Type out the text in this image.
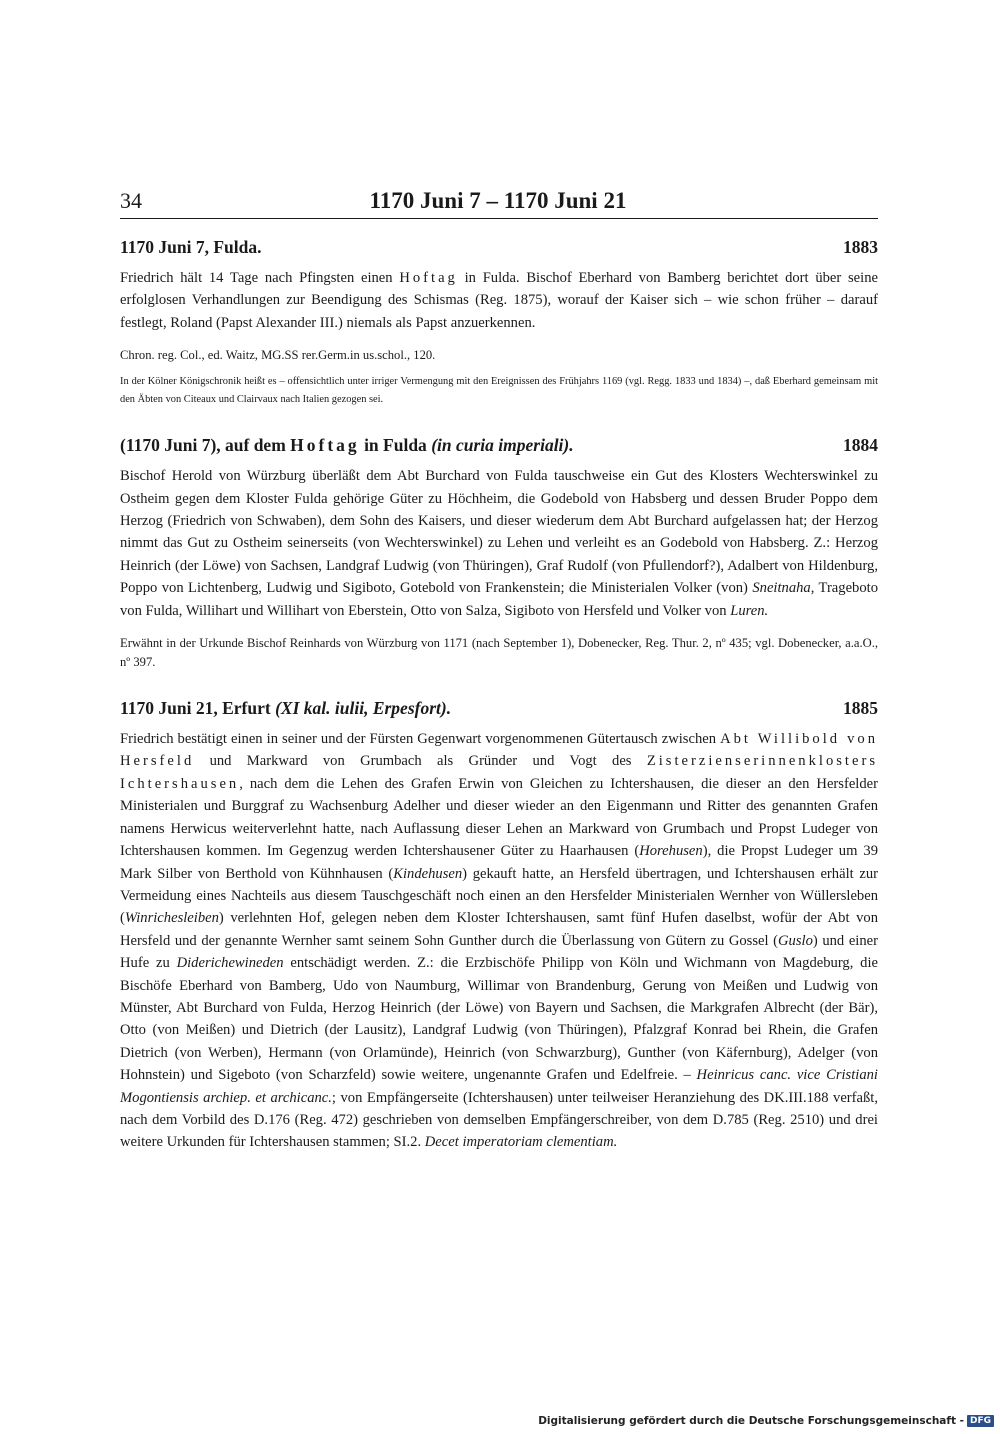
34	1170 Juni 7 – 1170 Juni 21
1170 Juni 7, Fulda.	1883

Friedrich hält 14 Tage nach Pfingsten einen Hoftag in Fulda. Bischof Eberhard von Bamberg berichtet dort über seine erfolglosen Verhandlungen zur Beendigung des Schismas (Reg. 1875), worauf der Kaiser sich – wie schon früher – darauf festlegt, Roland (Papst Alexander III.) niemals als Papst anzuerkennen.

Chron. reg. Col., ed. Waitz, MG.SS rer.Germ.in us.schol., 120.

In der Kölner Königschronik heißt es – offensichtlich unter irriger Vermengung mit den Ereignissen des Frühjahrs 1169 (vgl. Regg. 1833 und 1834) –, daß Eberhard gemeinsam mit den Äbten von Citeaux und Clairvaux nach Italien gezogen sei.

(1170 Juni 7), auf dem Hoftag in Fulda (in curia imperiali).	1884

Bischof Herold von Würzburg überläßt dem Abt Burchard von Fulda tauschweise ein Gut des Klosters Wechterswinkel zu Ostheim gegen dem Kloster Fulda gehörige Güter zu Höchheim, die Godebold von Habsberg und dessen Bruder Poppo dem Herzog (Friedrich von Schwaben), dem Sohn des Kaisers, und dieser wiederum dem Abt Burchard aufgelassen hat; der Herzog nimmt das Gut zu Ostheim seinerseits (von Wechterswinkel) zu Lehen und verleiht es an Godebold von Habsberg. Z.: Herzog Heinrich (der Löwe) von Sachsen, Landgraf Ludwig (von Thüringen), Graf Rudolf (von Pfullendorf?), Adalbert von Hildenburg, Poppo von Lichtenberg, Ludwig und Sigiboto, Gotebold von Frankenstein; die Ministerialen Volker (von) Sneitnaha, Trageboto von Fulda, Willihart und Willihart von Eberstein, Otto von Salza, Sigiboto von Hersfeld und Volker von Luren.

Erwähnt in der Urkunde Bischof Reinhards von Würzburg von 1171 (nach September 1), Dobenecker, Reg. Thur. 2, nº 435; vgl. Dobenecker, a.a.O., nº 397.

1170 Juni 21, Erfurt (XI kal. iulii, Erpesfort).	1885

Friedrich bestätigt einen in seiner und der Fürsten Gegenwart vorgenommenen Gütertausch zwischen Abt Willibold von Hersfeld und Markward von Grumbach als Gründer und Vogt des Zisterzienserinnenklosters Ichtershausen, nach dem die Lehen des Grafen Erwin von Gleichen zu Ichtershausen, die dieser an den Hersfelder Ministerialen und Burggraf zu Wachsenburg Adelher und dieser wieder an den Eigenmann und Ritter des genannten Grafen namens Herwicus weiterverlehnt hatte, nach Auflassung dieser Lehen an Markward von Grumbach und Propst Ludeger von Ichtershausen kommen. Im Gegenzug werden Ichtershausener Güter zu Haarhausen (Horehusen), die Propst Ludeger um 39 Mark Silber von Berthold von Kühnhausen (Kindehusen) gekauft hatte, an Hersfeld übertragen, und Ichtershausen erhält zur Vermeidung eines Nachteils aus diesem Tauschgeschäft noch einen an den Hersfelder Ministerialen Wernher von Wüllersleben (Winrichesleiben) verlehnten Hof, gelegen neben dem Kloster Ichtershausen, samt fünf Hufen daselbst, wofür der Abt von Hersfeld und der genannte Wernher samt seinem Sohn Gunther durch die Überlassung von Gütern zu Gossel (Guslo) und einer Hufe zu Diderichewineden entschädigt werden. Z.: die Erzbischöfe Philipp von Köln und Wichmann von Magdeburg, die Bischöfe Eberhard von Bamberg, Udo von Naumburg, Willimar von Brandenburg, Gerung von Meißen und Ludwig von Münster, Abt Burchard von Fulda, Herzog Heinrich (der Löwe) von Bayern und Sachsen, die Markgrafen Albrecht (der Bär), Otto (von Meißen) und Dietrich (der Lausitz), Landgraf Ludwig (von Thüringen), Pfalzgraf Konrad bei Rhein, die Grafen Dietrich (von Werben), Hermann (von Orlamünde), Heinrich (von Schwarzburg), Gunther (von Käfernburg), Adelger (von Hohnstein) und Sigeboto (von Scharzfeld) sowie weitere, ungenannte Grafen und Edelfreie. – Heinricus canc. vice Cristiani Mogontiensis archiep. et archicanc.; von Empfängerseite (Ichtershausen) unter teilweiser Heranziehung des DK.III.188 verfaßt, nach dem Vorbild des D.176 (Reg. 472) geschrieben von demselben Empfängerschreiber, von dem D.785 (Reg. 2510) und drei weitere Urkunden für Ichtershausen stammen; SI.2. Decet imperatoriam clementiam.

Digitalisierung gefördert durch die Deutsche Forschungsgemeinschaft - DFG
